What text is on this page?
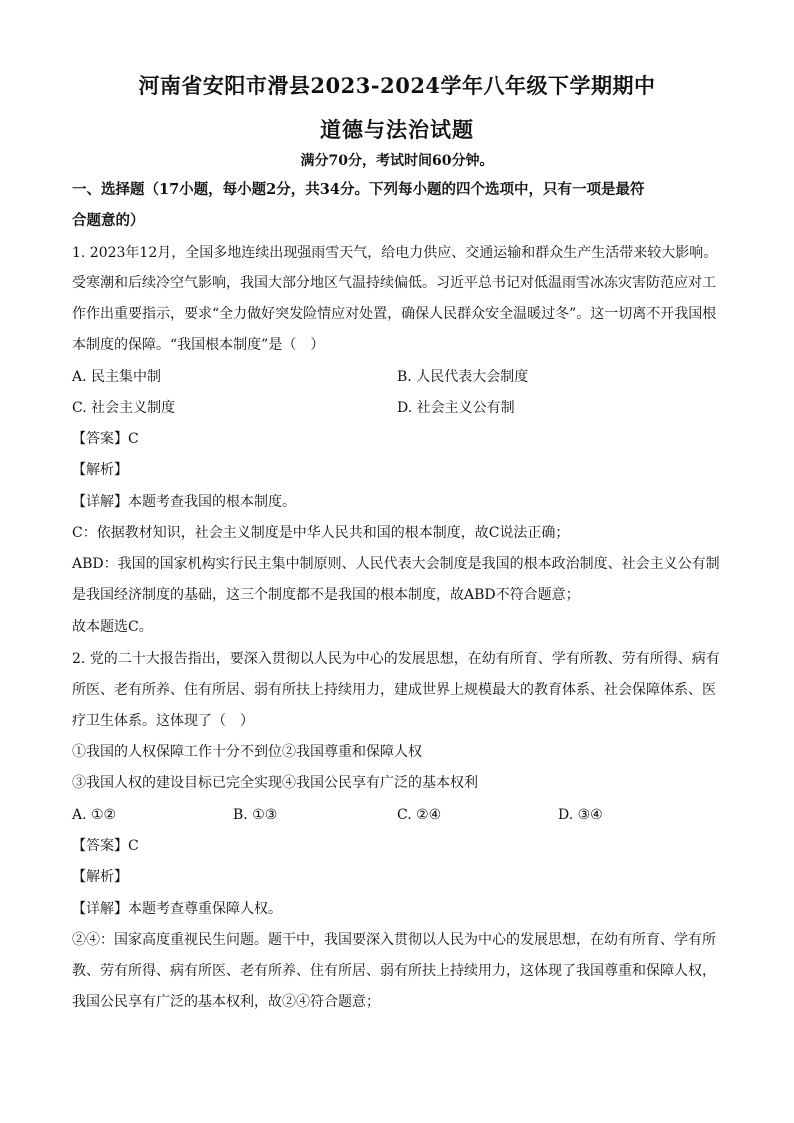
河南省安阳市滑县2023-2024学年八年级下学期期中
道德与法治试题
满分70分，考试时间60分钟。
一、选择题（17小题，每小题2分，共34分。下列每小题的四个选项中，只有一项是最符
合题意的）
1. 2023年12月，全国多地连续出现强雨雪天气，给电力供应、交通运输和群众生产生活带来较大影响。
受寒潮和后续冷空气影响，我国大部分地区气温持续偏低。习近平总书记对低温雨雪冰冻灾害防范应对工
作作出重要指示，要求“全力做好突发险情应对处置，确保人民群众安全温暖过冬”。这一切离不开我国根
本制度的保障。“我国根本制度”是（　）
A. 民主集中制	B. 人民代表大会制度
C. 社会主义制度	D. 社会主义公有制
【答案】C
【解析】
【详解】本题考查我国的根本制度。
C：依据教材知识，社会主义制度是中华人民共和国的根本制度，故C说法正确；
ABD：我国的国家机构实行民主集中制原则、人民代表大会制度是我国的根本政治制度、社会主义公有制
是我国经济制度的基础，这三个制度都不是我国的根本制度，故ABD不符合题意；
故本题选C。
2. 党的二十大报告指出，要深入贯彻以人民为中心的发展思想，在幼有所育、学有所教、劳有所得、病有
所医、老有所养、住有所居、弱有所扶上持续用力，建成世界上规模最大的教育体系、社会保障体系、医
疗卫生体系。这体现了（　）
①我国的人权保障工作十分不到位②我国尊重和保障人权
③我国人权的建设目标已完全实现④我国公民享有广泛的基本权利
A. ①②	B. ①③	C. ②④	D. ③④
【答案】C
【解析】
【详解】本题考查尊重保障人权。
②④：国家高度重视民生问题。题干中，我国要深入贯彻以人民为中心的发展思想，在幼有所育、学有所
教、劳有所得、病有所医、老有所养、住有所居、弱有所扶上持续用力，这体现了我国尊重和保障人权，
我国公民享有广泛的基本权利，故②④符合题意；
